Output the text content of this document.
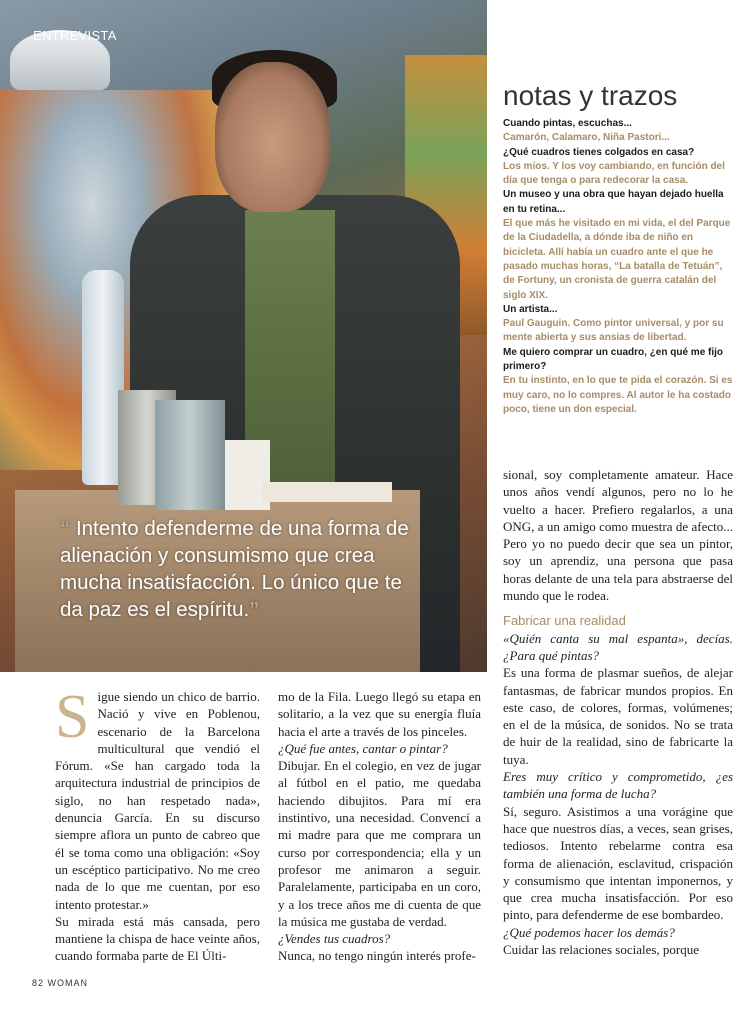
ENTREVISTA
“ Intento defenderme de una forma de alienación y consumismo que crea mucha insatisfacción. Lo único que te da paz es el espíritu.”
notas y trazos
Cuando pintas, escuchas...
Camarón, Calamaro, Niña Pastori...
¿Qué cuadros tienes colgados en casa?
Los míos. Y los voy cambiando, en función del día que tenga o para redecorar la casa.
Un museo y una obra que hayan dejado huella en tu retina...
El que más he visitado en mi vida, el del Parque de la Ciudadella, a dónde iba de niño en bicicleta. Allí había un cuadro ante el que he pasado muchas horas, “La batalla de Tetuán”, de Fortuny, un cronista de guerra catalán del siglo XIX.
Un artista...
Paul Gauguin. Como pintor universal, y por su mente abierta y sus ansias de libertad.
Me quiero comprar un cuadro, ¿en qué me fijo primero?
En tu instinto, en lo que te pida el corazón. Si es muy caro, no lo compres. Al autor le ha costado poco, tiene un don especial.
S igue siendo un chico de barrio. Nació y vive en Poblenou, escenario de la Barcelona multicultural que vendió el Fórum. «Se han cargado toda la arquitectura industrial de principios de siglo, no han respetado nada», denuncia García. En su discurso siempre aflora un punto de cabreo que él se toma como una obligación: «Soy un escéptico participativo. No me creo nada de lo que me cuentan, por eso intento protestar.»

Su mirada está más cansada, pero mantiene la chispa de hace veinte años, cuando formaba parte de El Últi-

mo de la Fila. Luego llegó su etapa en solitario, a la vez que su energía fluía hacia el arte a través de los pinceles.

¿Qué fue antes, cantar o pintar?

Dibujar. En el colegio, en vez de jugar al fútbol en el patio, me quedaba haciendo dibujitos. Para mí era instintivo, una necesidad. Convencí a mi madre para que me comprara un curso por correspondencia; ella y un profesor me animaron a seguir. Paralelamente, participaba en un coro, y a los trece años me di cuenta de que la música me gustaba de verdad.

¿Vendes tus cuadros?

Nunca, no tengo ningún interés profe-

sional, soy completamente amateur. Hace unos años vendí algunos, pero no lo he vuelto a hacer. Prefiero regalarlos, a una ONG, a un amigo como muestra de afecto... Pero yo no puedo decir que sea un pintor, soy un aprendiz, una persona que pasa horas delante de una tela para abstraerse del mundo que le rodea.

Fabricar una realidad

«Quién canta su mal espanta», decías. ¿Para qué pintas?

Es una forma de plasmar sueños, de alejar fantasmas, de fabricar mundos propios. En este caso, de colores, formas, volúmenes; en el de la música, de sonidos. No se trata de huir de la realidad, sino de fabricarte la tuya.

Eres muy crítico y comprometido, ¿es también una forma de lucha?

Sí, seguro. Asistimos a una vorágine que hace que nuestros días, a veces, sean grises, tediosos. Intento rebelarme contra esa forma de alienación, esclavitud, crispación y consumismo que intentan imponernos, y que crea mucha insatisfacción. Por eso pinto, para defenderme de ese bombardeo.

¿Qué podemos hacer los demás?

Cuidar las relaciones sociales, porque

82 WOMAN
